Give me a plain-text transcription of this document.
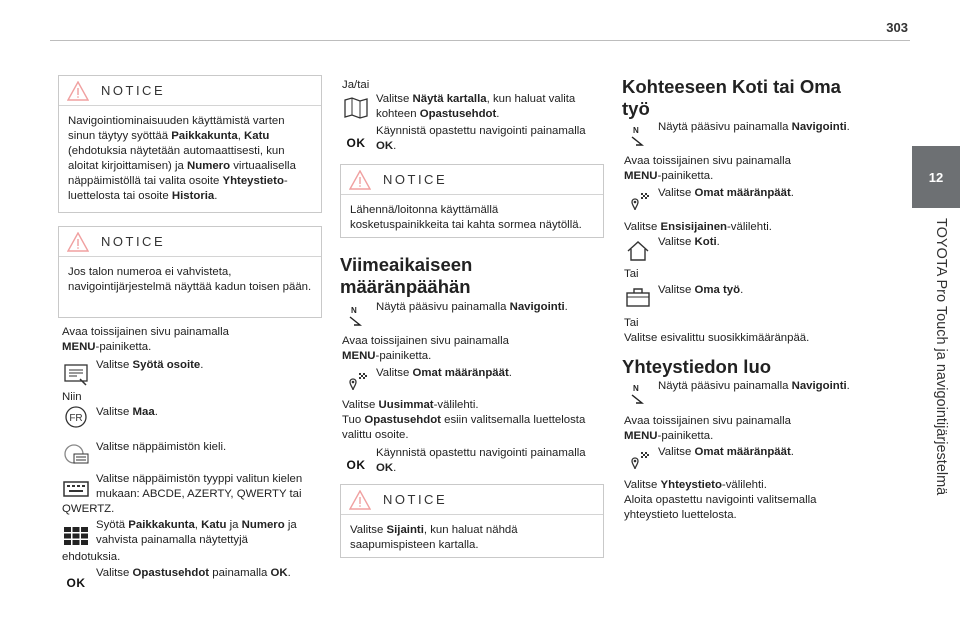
303
12
TOYOTA Pro Touch ja navigointijärjestelmä
NOTICE
Navigointiominaisuuden käyttämistä varten sinun täytyy syöttää Paikkakunta, Katu (ehdotuksia näytetään automaattisesti, kun aloitat kirjoittamisen) ja Numero virtuaalisella näppäimistöllä tai valita osoite Yhteystieto-luettelosta tai osoite Historia.
NOTICE
Jos talon numeroa ei vahvisteta, navigointijärjestelmä näyttää kadun toisen pään.
Avaa toissijainen sivu painamalla
MENU-painiketta.
Valitse Syötä osoite.
Niin
FR
Valitse Maa.
Valitse näppäimistön kieli.
Valitse näppäimistön tyyppi valitun kielen mukaan: ABCDE, AZERTY, QWERTY tai
QWERTZ.
Syötä Paikkakunta, Katu ja Numero ja vahvista painamalla näytettyjä
ehdotuksia.
OK
Valitse Opastusehdot painamalla OK.
Ja/tai
Valitse Näytä kartalla, kun haluat valita kohteen Opastusehdot.
OK
Käynnistä opastettu navigointi painamalla OK.
NOTICE
Lähennä/loitonna käyttämällä kosketuspainikkeita tai kahta sormea näytöllä.
Viimeaikaiseen määränpäähän
N Näytä pääsivu painamalla Navigointi.
Avaa toissijainen sivu painamalla
MENU-painiketta.
Valitse Omat määränpäät.
Valitse Uusimmat-välilehti.
Tuo Opastusehdot esiin valitsemalla luettelosta valittu osoite.
OK
Käynnistä opastettu navigointi painamalla OK.
NOTICE
Valitse Sijainti, kun haluat nähdä saapumispisteen kartalla.
Kohteeseen Koti tai Oma työ
N Näytä pääsivu painamalla Navigointi.
Avaa toissijainen sivu painamalla
MENU-painiketta.
Valitse Omat määränpäät.
Valitse Ensisijainen-välilehti.
Valitse Koti.
Tai
Valitse Oma työ.
Tai
Valitse esivalittu suosikkimääränpää.
Yhteystiedon luo
N Näytä pääsivu painamalla Navigointi.
Avaa toissijainen sivu painamalla
MENU-painiketta.
Valitse Omat määränpäät.
Valitse Yhteystieto-välilehti.
Aloita opastettu navigointi valitsemalla yhteystieto luettelosta.
